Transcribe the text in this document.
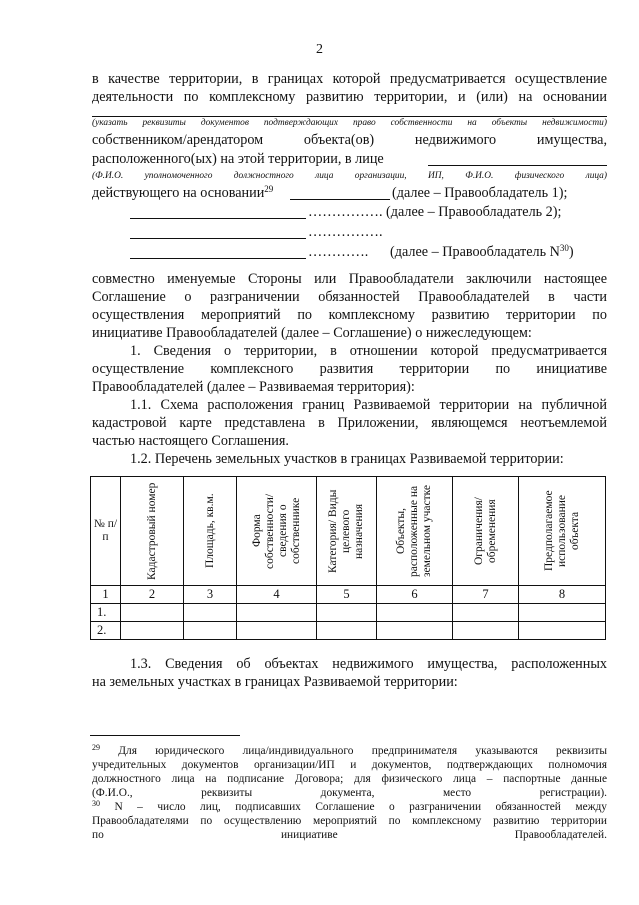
2
в качестве территории, в границах которой предусматривается осуществление
деятельности по комплексному развитию территории, и (или) на основании
(указать реквизиты документов подтверждающих право собственности на объекты недвижимости)
собственником/арендатором объекта(ов) недвижимого имущества,
расположенного(ых) на этой территории, в лице
(Ф.И.О. уполномоченного должностного лица организации, ИП, Ф.И.О. физического лица)
действующего на основании$^{29}$	(далее – Правообладатель 1);
……………. (далее – Правообладатель 2);
…………….
…………. (далее – Правообладатель $N^{30}$)
совместно именуемые Стороны или Правообладатели заключили настоящее
Соглашение о разграничении обязанностей Правообладателей в части
осуществления мероприятий по комплексному развитию территории по
инициативе Правообладателей (далее – Соглашение) о нижеследующем:
1. Сведения о территории, в отношении которой предусматривается
осуществление комплексного развития территории по инициативе
Правообладателей (далее – Развиваемая территория):
1.1. Схема расположения границ Развиваемой территории на публичной
кадастровой карте представлена в Приложении, являющемся неотъемлемой
частью настоящего Соглашения.
1.2. Перечень земельных участков в границах Развиваемой территории:
№ п/п	Кадастровый номер	Площадь, кв.м.	Форма собственности/ сведения о собственнике	Категория/ Виды целевого назначения	Объекты, расположенные на земельном участке	Ограничения/ обременения	Предполагаемое использование объекта

1	2	3	4	5	6	7	8
1.							
2.							
1.3. Сведения об объектах недвижимого имущества, расположенных
на земельных участках в границах Развиваемой территории:
$^{29}$ Для юридического лица/индивидуального предпринимателя указываются реквизиты
учредительных документов организации/ИП и документов, подтверждающих полномочия
должностного лица на подписание Договора; для физического лица – паспортные данные
(Ф.И.О., реквизиты документа, место регистрации).
$^{30}$ N – число лиц, подписавших Соглашение о разграничении обязанностей между
Правообладателями по осуществлению мероприятий по комплексному развитию территории
по инициативе Правообладателей.
